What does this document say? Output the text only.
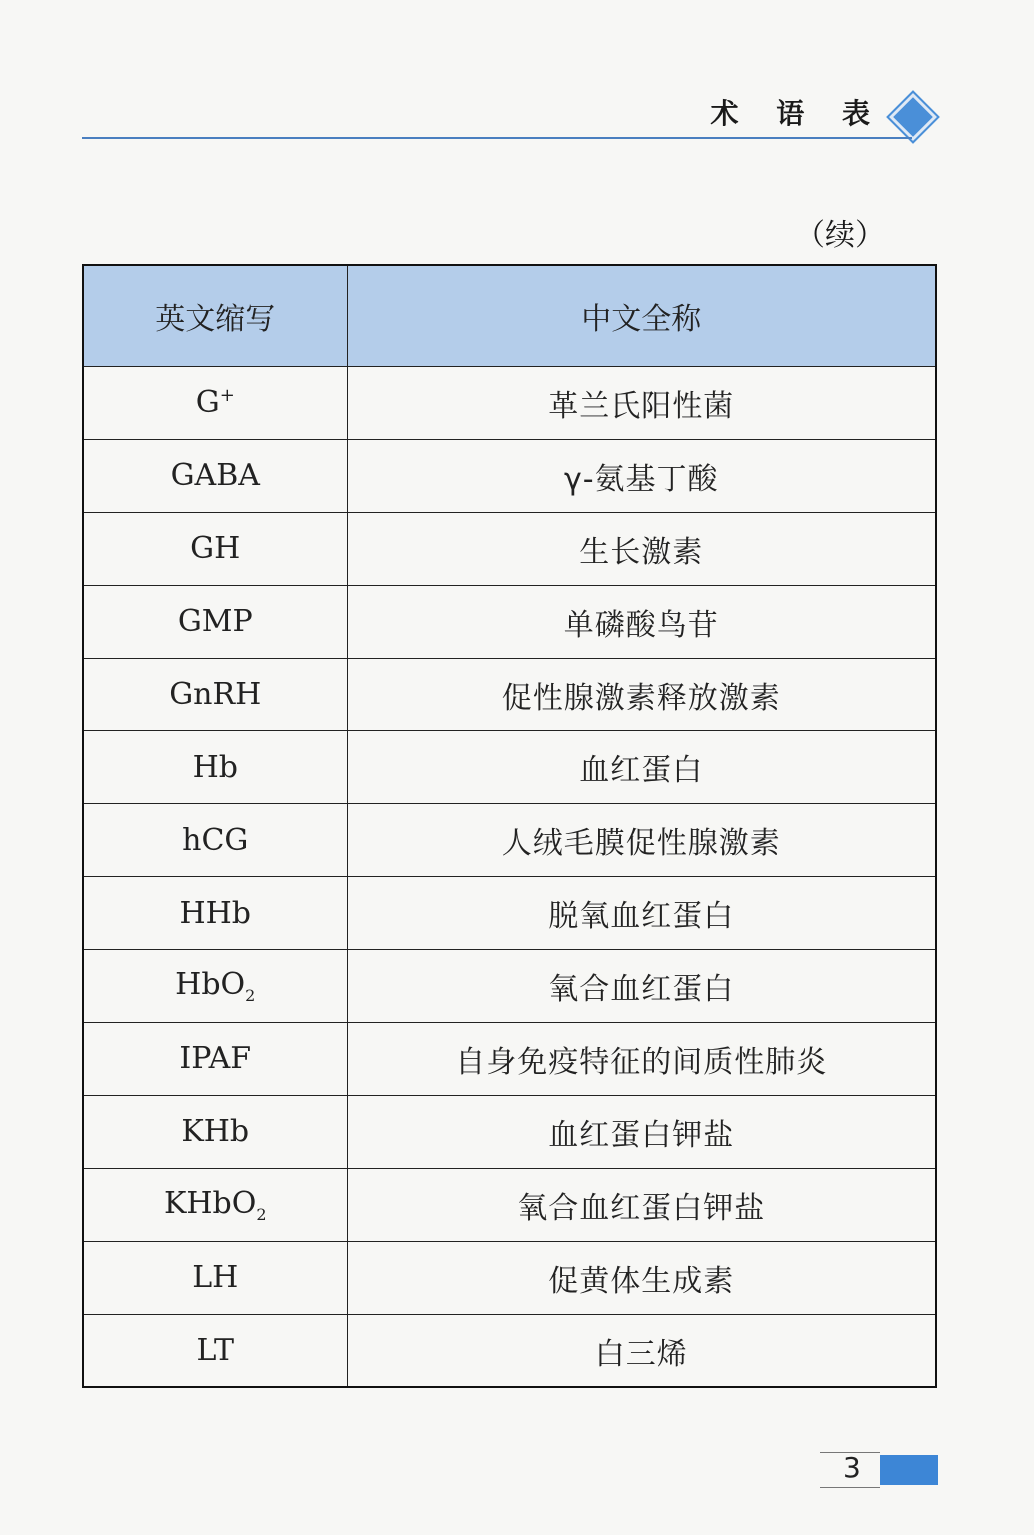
术 语 表
（续）
英文缩写	中文全称
G+	革兰氏阳性菌
GABA	γ-氨基丁酸
GH	生长激素
GMP	单磷酸鸟苷
GnRH	促性腺激素释放激素
Hb	血红蛋白
hCG	人绒毛膜促性腺激素
HHb	脱氧血红蛋白
HbO$_2$	氧合血红蛋白
IPAF	自身免疫特征的间质性肺炎
KHb	血红蛋白钾盐
KHbO$_2$	氧合血红蛋白钾盐
LH	促黄体生成素
LT	白三烯
3
